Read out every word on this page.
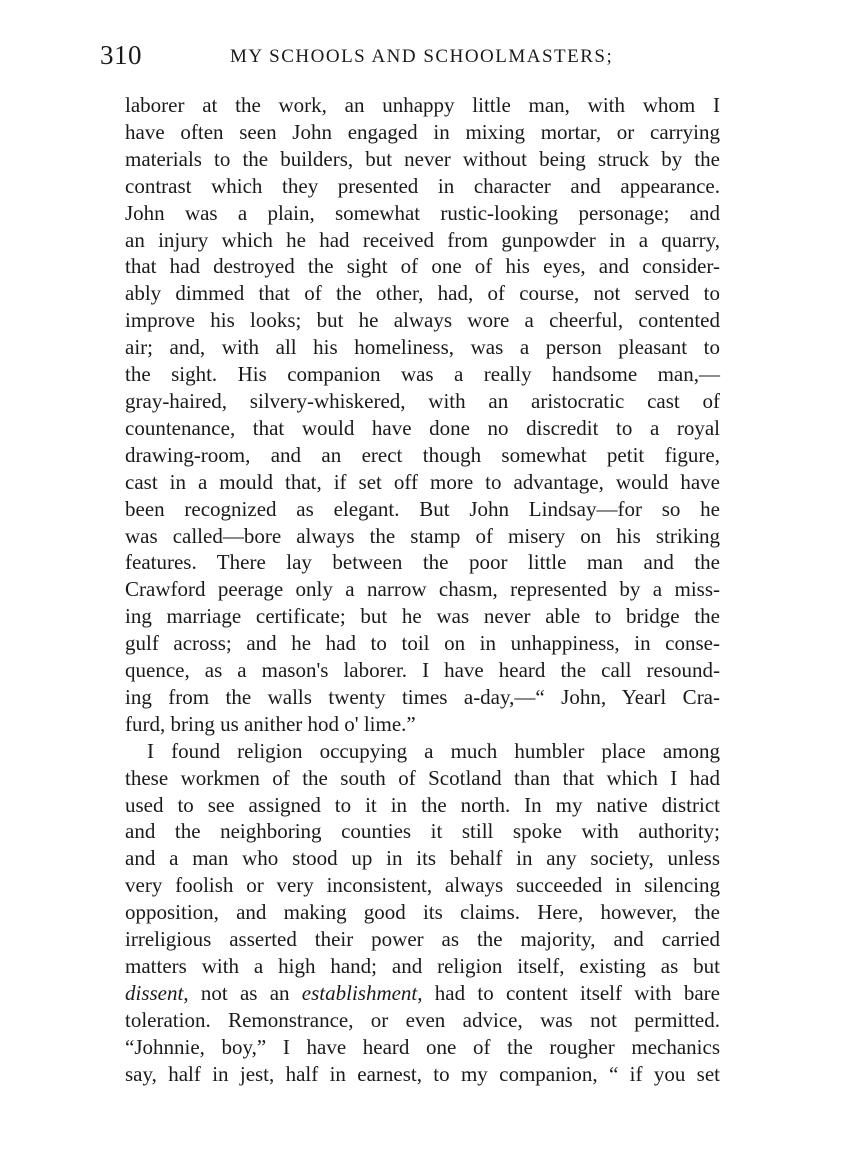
310	MY SCHOOLS AND SCHOOLMASTERS;

laborer at the work, an unhappy little man, with whom I
have often seen John engaged in mixing mortar, or carrying
materials to the builders, but never without being struck by the
contrast which they presented in character and appearance.
John was a plain, somewhat rustic-looking personage; and
an injury which he had received from gunpowder in a quarry,
that had destroyed the sight of one of his eyes, and consider-
ably dimmed that of the other, had, of course, not served to
improve his looks; but he always wore a cheerful, contented
air; and, with all his homeliness, was a person pleasant to
the sight. His companion was a really handsome man,—
gray-haired, silvery-whiskered, with an aristocratic cast of
countenance, that would have done no discredit to a royal
drawing-room, and an erect though somewhat petit figure,
cast in a mould that, if set off more to advantage, would have
been recognized as elegant. But John Lindsay—for so he
was called—bore always the stamp of misery on his striking
features. There lay between the poor little man and the
Crawford peerage only a narrow chasm, represented by a miss-
ing marriage certificate; but he was never able to bridge the
gulf across; and he had to toil on in unhappiness, in conse-
quence, as a mason's laborer. I have heard the call resound-
ing from the walls twenty times a-day,—“ John, Yearl Cra-
furd, bring us anither hod o' lime.”

I found religion occupying a much humbler place among
these workmen of the south of Scotland than that which I had
used to see assigned to it in the north. In my native district
and the neighboring counties it still spoke with authority;
and a man who stood up in its behalf in any society, unless
very foolish or very inconsistent, always succeeded in silencing
opposition, and making good its claims. Here, however, the
irreligious asserted their power as the majority, and carried
matters with a high hand; and religion itself, existing as but
dissent, not as an establishment, had to content itself with bare
toleration. Remonstrance, or even advice, was not permitted.
“Johnnie, boy,” I have heard one of the rougher mechanics
say, half in jest, half in earnest, to my companion, “ if you set
